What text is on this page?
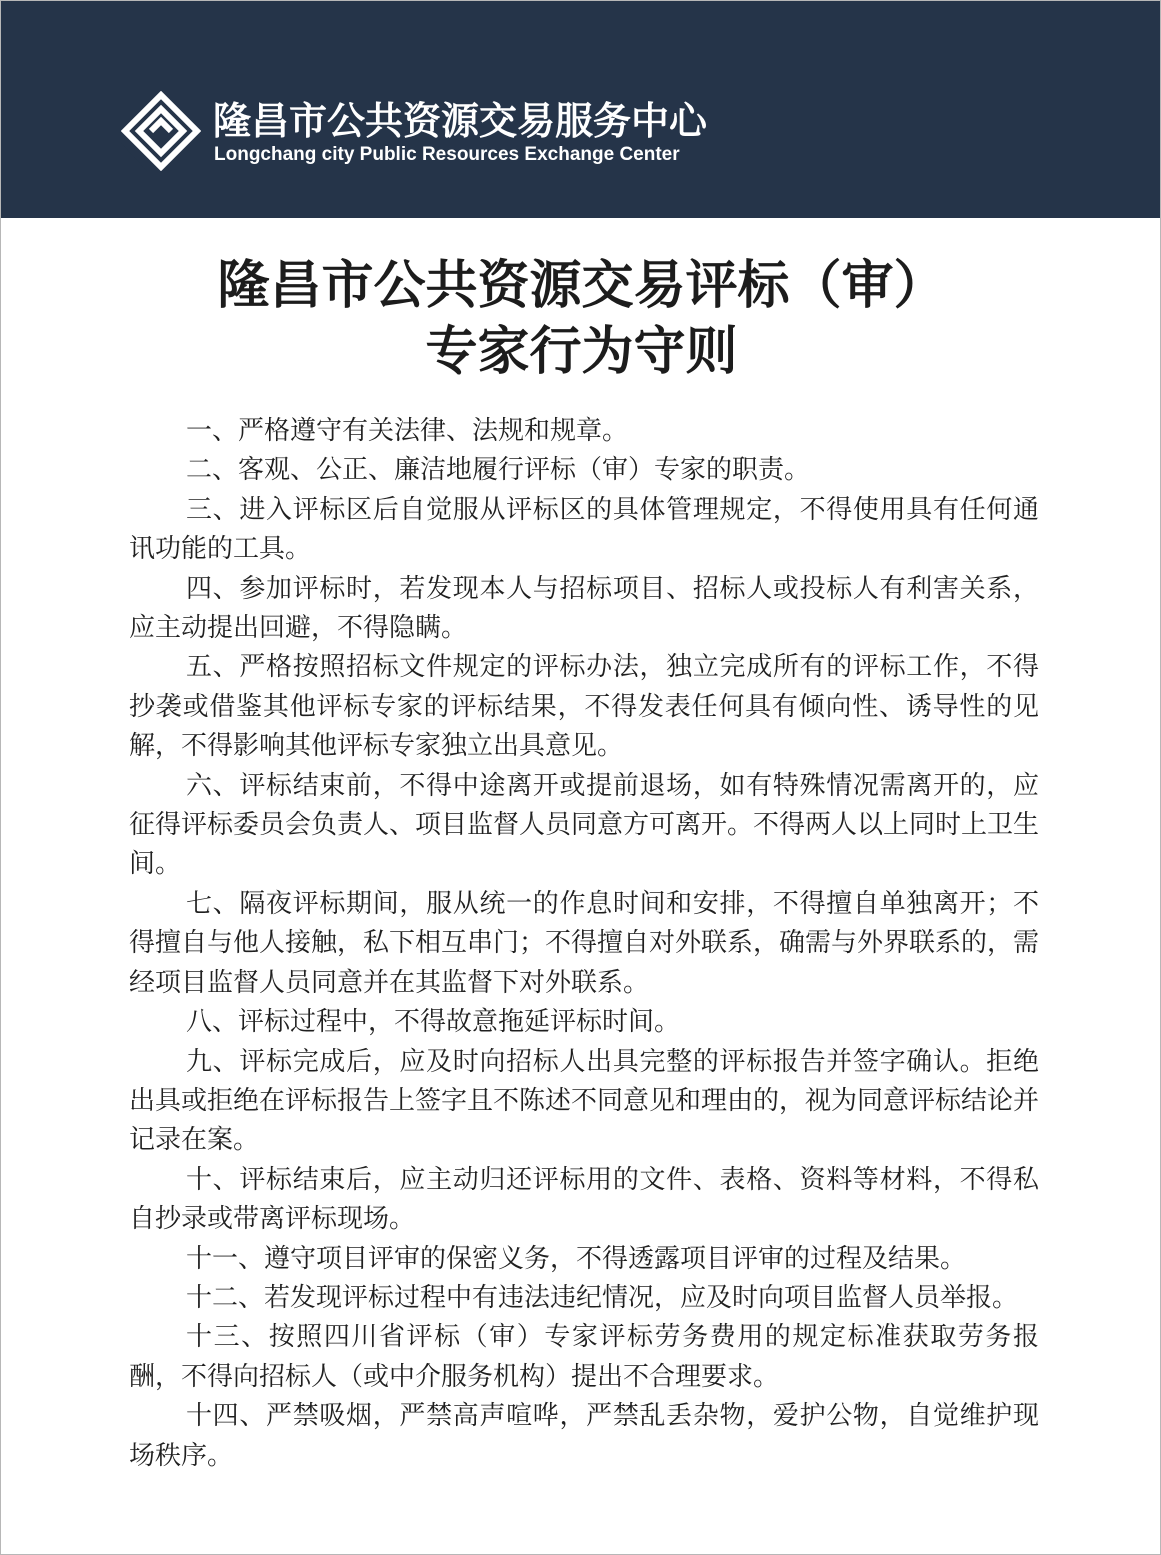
隆昌市公共资源交易服务中心
Longchang city Public Resources Exchange Center
隆昌市公共资源交易评标（审）
专家行为守则

一、严格遵守有关法律、法规和规章。

二、客观、公正、廉洁地履行评标（审）专家的职责。

三、进入评标区后自觉服从评标区的具体管理规定，不得使用具有任何通讯功能的工具。

四、参加评标时，若发现本人与招标项目、招标人或投标人有利害关系，应主动提出回避，不得隐瞒。

五、严格按照招标文件规定的评标办法，独立完成所有的评标工作，不得抄袭或借鉴其他评标专家的评标结果，不得发表任何具有倾向性、诱导性的见解，不得影响其他评标专家独立出具意见。

六、评标结束前，不得中途离开或提前退场，如有特殊情况需离开的，应征得评标委员会负责人、项目监督人员同意方可离开。不得两人以上同时上卫生间。

七、隔夜评标期间，服从统一的作息时间和安排，不得擅自单独离开；不得擅自与他人接触，私下相互串门；不得擅自对外联系，确需与外界联系的，需经项目监督人员同意并在其监督下对外联系。

八、评标过程中，不得故意拖延评标时间。

九、评标完成后，应及时向招标人出具完整的评标报告并签字确认。拒绝出具或拒绝在评标报告上签字且不陈述不同意见和理由的，视为同意评标结论并记录在案。

十、评标结束后，应主动归还评标用的文件、表格、资料等材料，不得私自抄录或带离评标现场。

十一、遵守项目评审的保密义务，不得透露项目评审的过程及结果。

十二、若发现评标过程中有违法违纪情况，应及时向项目监督人员举报。

十三、按照四川省评标（审）专家评标劳务费用的规定标准获取劳务报酬，不得向招标人（或中介服务机构）提出不合理要求。

十四、严禁吸烟，严禁高声喧哗，严禁乱丢杂物，爱护公物，自觉维护现场秩序。
